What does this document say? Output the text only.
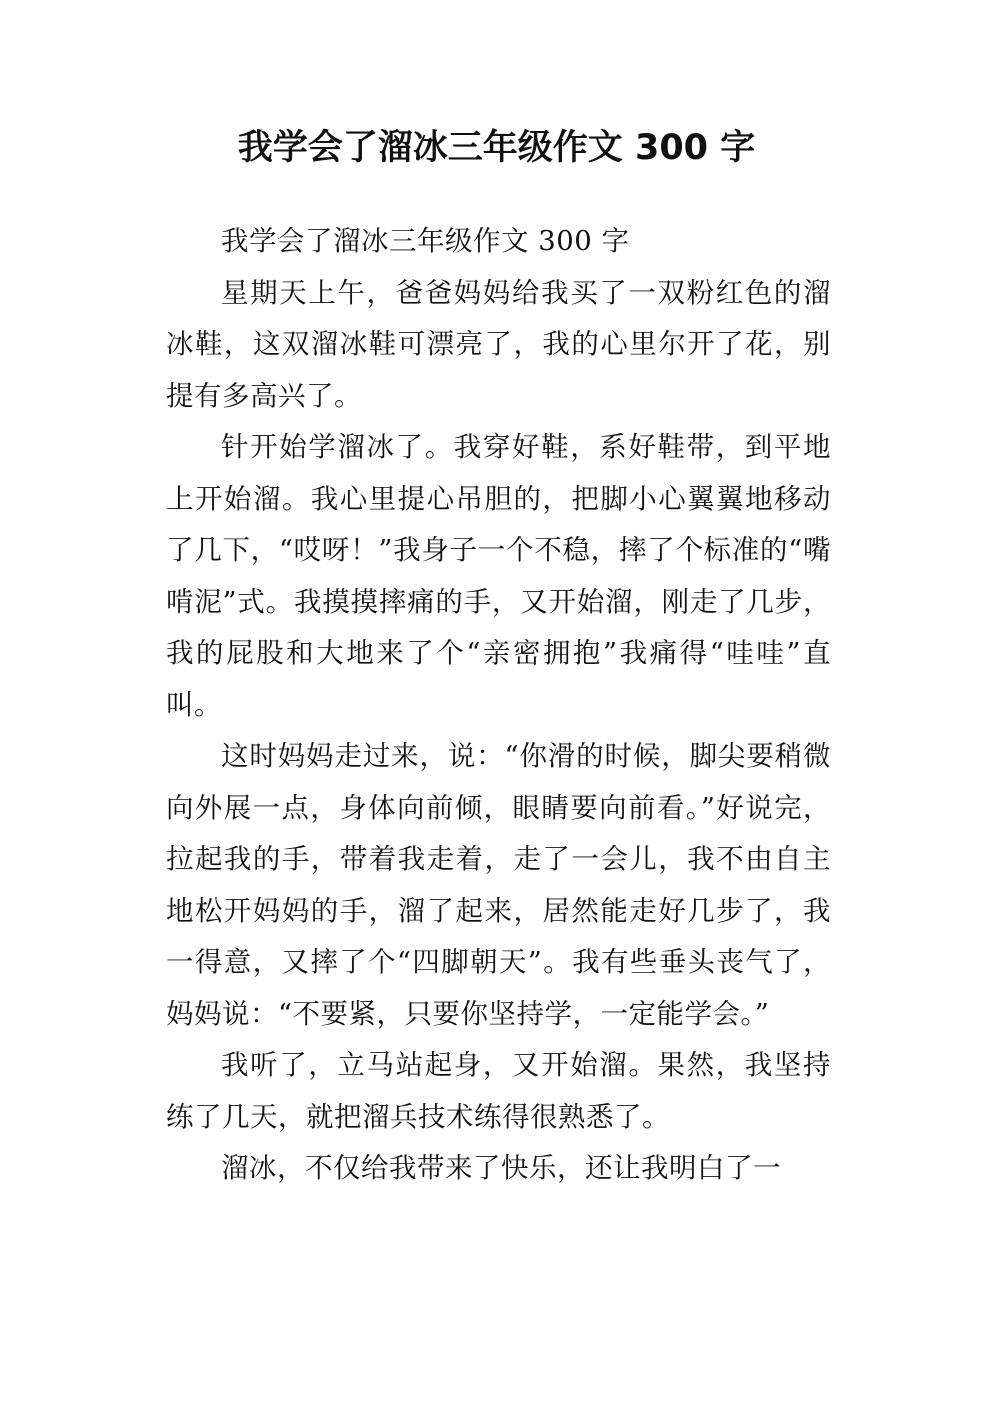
我学会了溜冰三年级作文 300 字

我学会了溜冰三年级作文 300 字

星期天上午，爸爸妈妈给我买了一双粉红色的溜冰鞋，这双溜冰鞋可漂亮了，我的心里尔开了花，别提有多高兴了。

针开始学溜冰了。我穿好鞋，系好鞋带，到平地上开始溜。我心里提心吊胆的，把脚小心翼翼地移动了几下，“哎呀！”我身子一个不稳，摔了个标准的“嘴啃泥”式。我摸摸摔痛的手，又开始溜，刚走了几步，我的屁股和大地来了个“亲密拥抱”我痛得“哇哇”直叫。

这时妈妈走过来，说：“你滑的时候，脚尖要稍微向外展一点，身体向前倾，眼睛要向前看。”好说完，拉起我的手，带着我走着，走了一会儿，我不由自主地松开妈妈的手，溜了起来，居然能走好几步了，我一得意，又摔了个“四脚朝天”。我有些垂头丧气了，妈妈说：“不要紧，只要你坚持学，一定能学会。”

我听了，立马站起身，又开始溜。果然，我坚持练了几天，就把溜兵技术练得很熟悉了。

溜冰，不仅给我带来了快乐，还让我明白了一
